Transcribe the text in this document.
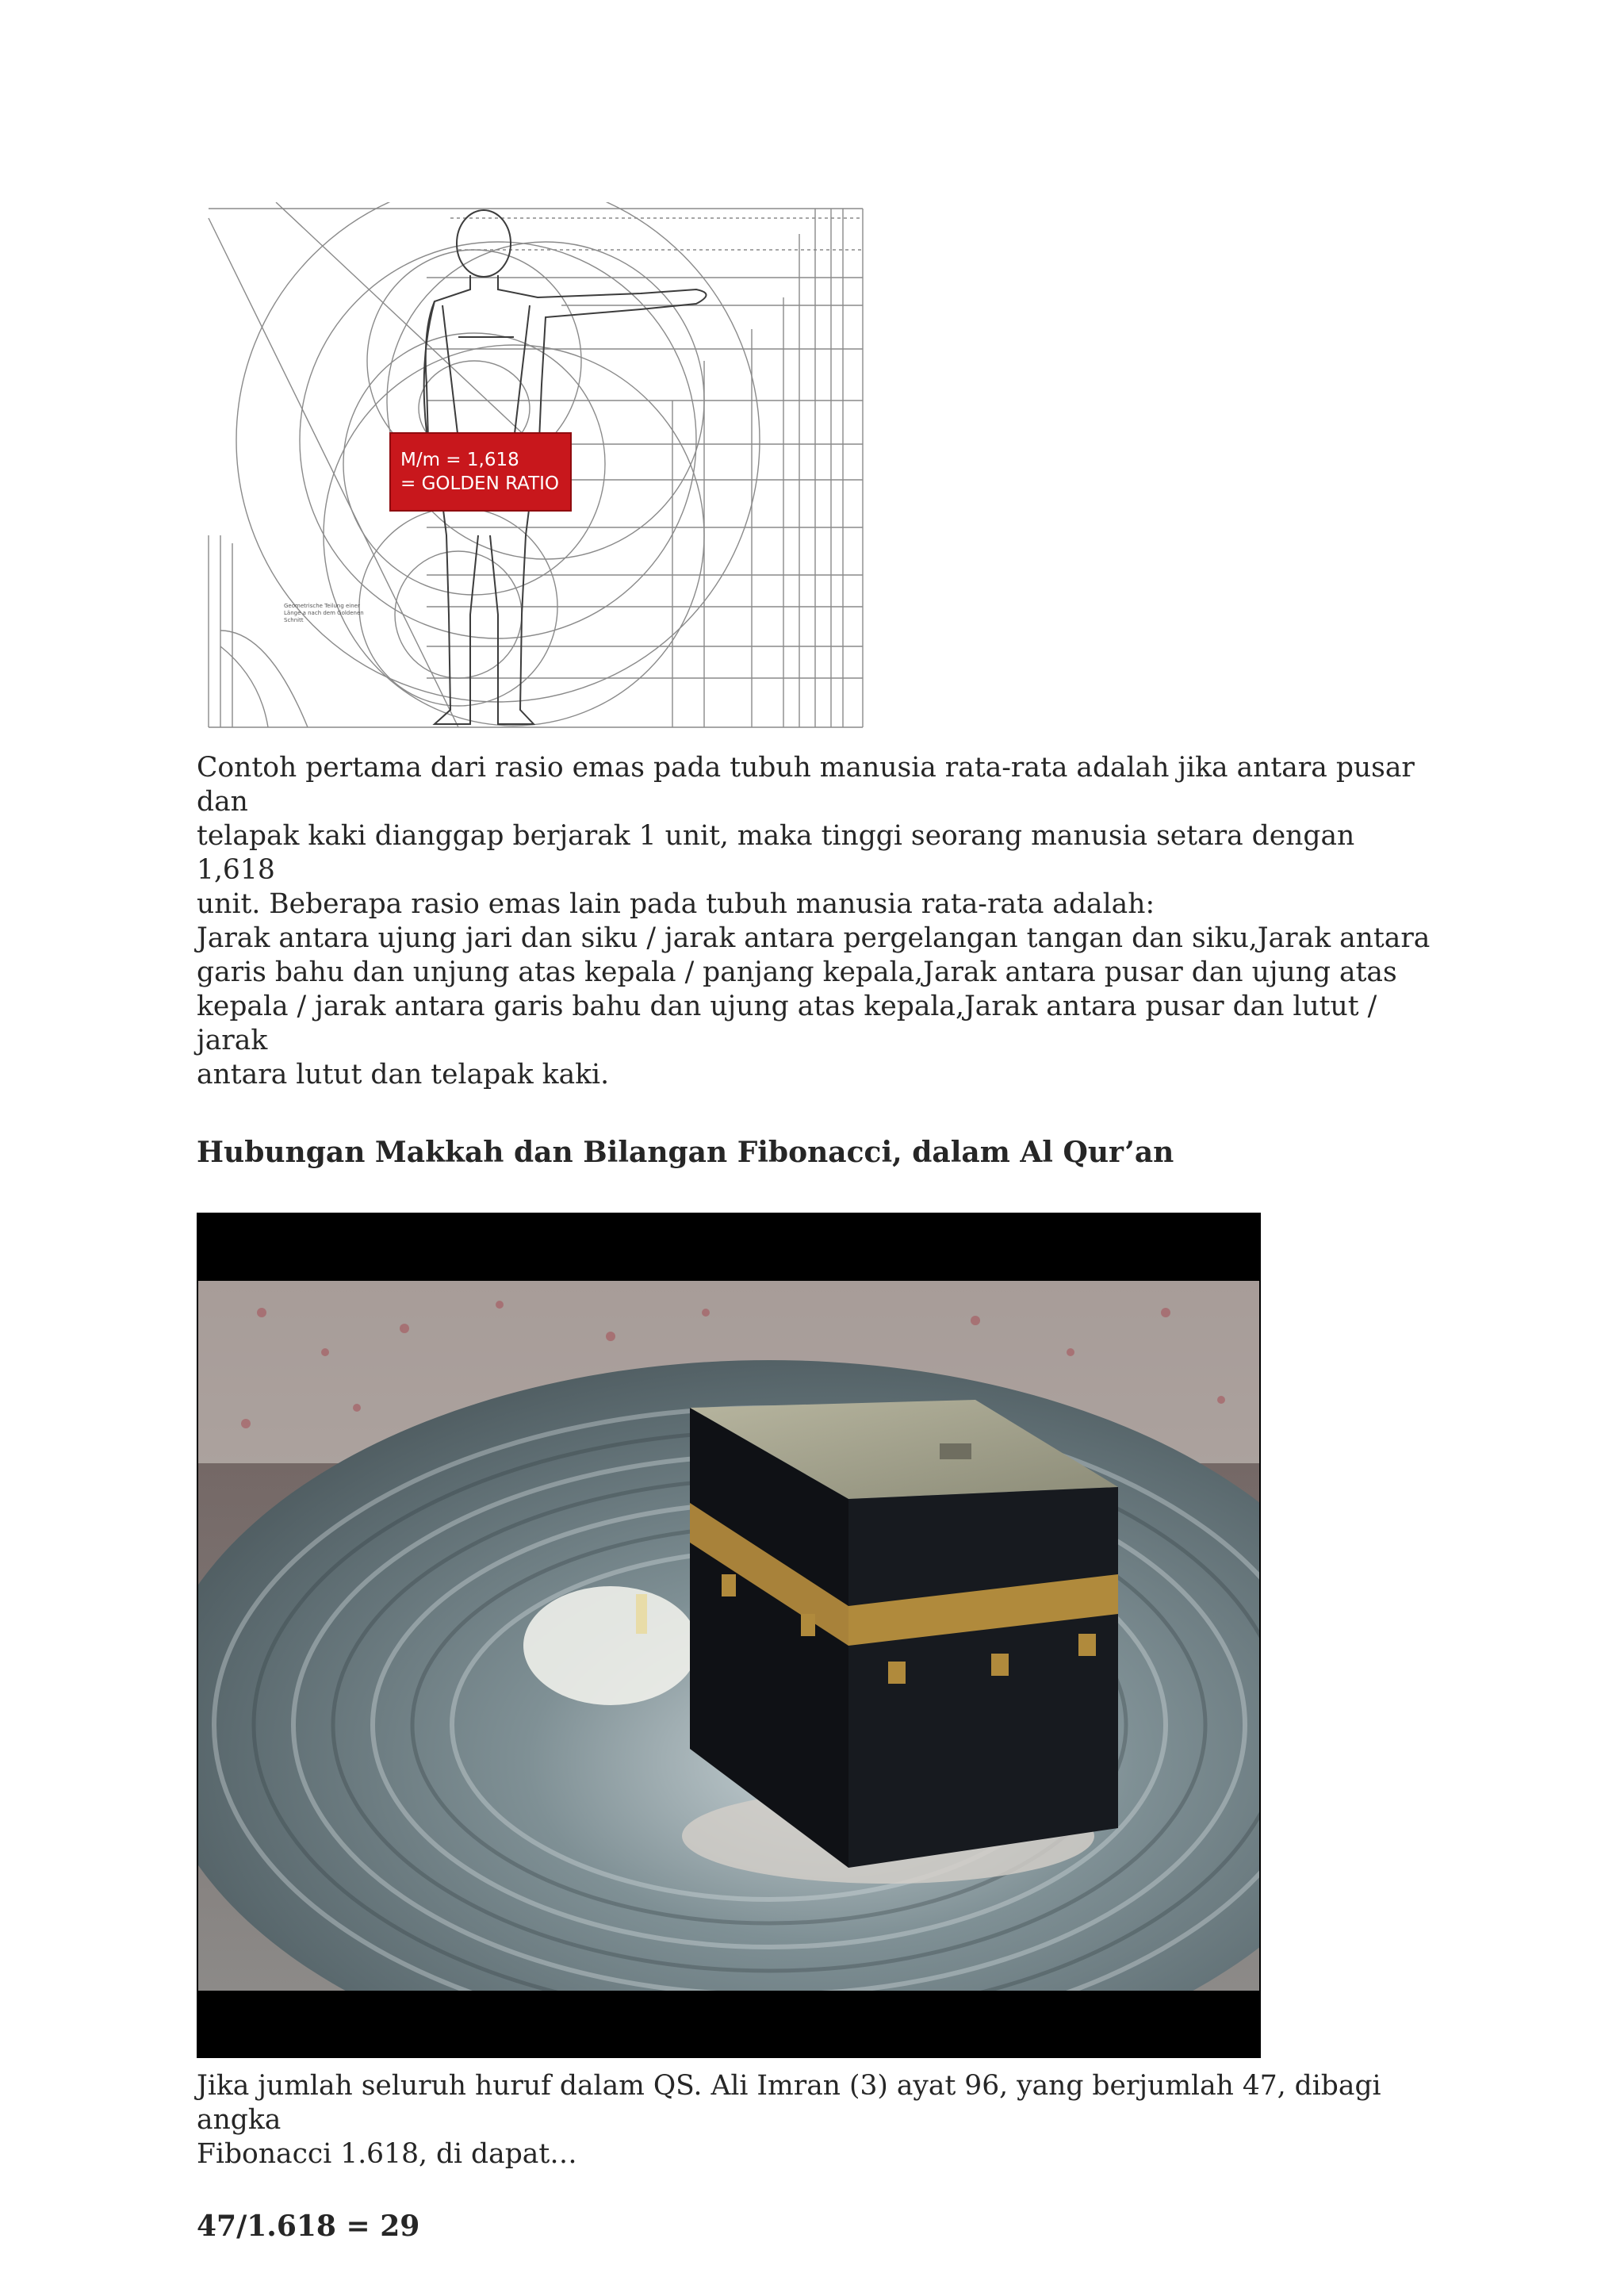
M/m = 1,618
= GOLDEN RATIO
Geometrische Teilung einer Länge a nach dem Goldenen Schnitt

Contoh pertama dari rasio emas pada tubuh manusia rata-rata adalah jika antara pusar dan
telapak kaki dianggap berjarak 1 unit, maka tinggi seorang manusia setara dengan 1,618
unit. Beberapa rasio emas lain pada tubuh manusia rata-rata adalah:
Jarak antara ujung jari dan siku / jarak antara pergelangan tangan dan siku,Jarak antara
garis bahu dan unjung atas kepala / panjang kepala,Jarak antara pusar dan ujung atas
kepala / jarak antara garis bahu dan ujung atas kepala,Jarak antara pusar dan lutut / jarak
antara lutut dan telapak kaki.

Hubungan Makkah dan Bilangan Fibonacci, dalam Al Qur’an

Jika jumlah seluruh huruf dalam QS. Ali Imran (3) ayat 96, yang berjumlah 47, dibagi angka
Fibonacci 1.618, di dapat…

47/1.618 = 29
